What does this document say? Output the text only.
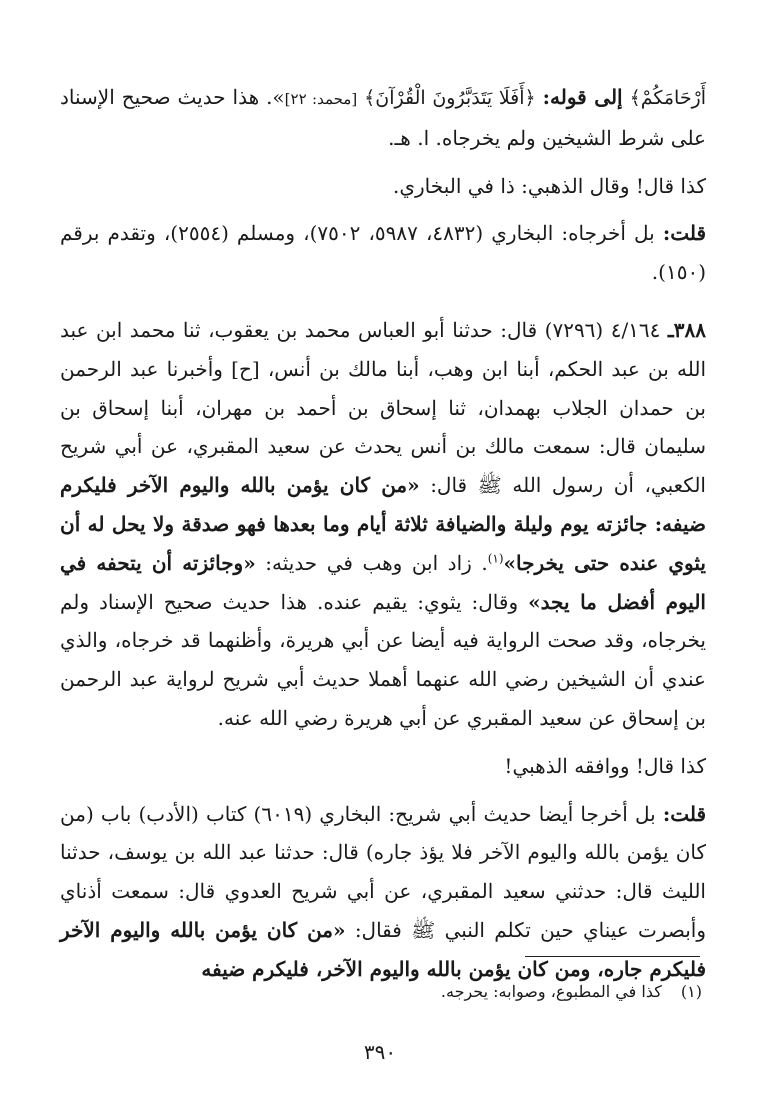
أَرْحَامَكُمْ﴾ إلى قوله: ﴿أَفَلَا يَتَدَبَّرُونَ الْقُرْآنَ﴾ [محمد: ٢٢]». هذا حديث صحيح الإسناد على شرط الشيخين ولم يخرجاه. ا. هـ.

كذا قال! وقال الذهبي: ذا في البخاري.

قلت: بل أخرجاه: البخاري (٤٨٣٢، ٥٩٨٧، ٧٥٠٢)، ومسلم (٢٥٥٤)، وتقدم برقم (١٥٠).

٣٨٨ـ ٤/١٦٤ (٧٢٩٦) قال: حدثنا أبو العباس محمد بن يعقوب، ثنا محمد ابن عبد الله بن عبد الحكم، أبنا ابن وهب، أبنا مالك بن أنس، [ح] وأخبرنا عبد الرحمن بن حمدان الجلاب بهمدان، ثنا إسحاق بن أحمد بن مهران، أبنا إسحاق بن سليمان قال: سمعت مالك بن أنس يحدث عن سعيد المقبري، عن أبي شريح الكعبي، أن رسول الله ﷺ قال: «من كان يؤمن بالله واليوم الآخر فليكرم ضيفه: جائزته يوم وليلة والضيافة ثلاثة أيام وما بعدها فهو صدقة ولا يحل له أن يثوي عنده حتى يخرجا»$^{(١)}$. زاد ابن وهب في حديثه: «وجائزته أن يتحفه في اليوم أفضل ما يجد» وقال: يثوي: يقيم عنده. هذا حديث صحيح الإسناد ولم يخرجاه، وقد صحت الرواية فيه أيضا عن أبي هريرة، وأظنهما قد خرجاه، والذي عندي أن الشيخين رضي الله عنهما أهملا حديث أبي شريح لرواية عبد الرحمن بن إسحاق عن سعيد المقبري عن أبي هريرة رضي الله عنه.

كذا قال! ووافقه الذهبي!

قلت: بل أخرجا أيضا حديث أبي شريح: البخاري (٦٠١٩) كتاب (الأدب) باب (من كان يؤمن بالله واليوم الآخر فلا يؤذ جاره) قال: حدثنا عبد الله بن يوسف، حدثنا الليث قال: حدثني سعيد المقبري، عن أبي شريح العدوي قال: سمعت أذناي وأبصرت عيناي حين تكلم النبي ﷺ فقال: «من كان يؤمن بالله واليوم الآخر فليكرم جاره، ومن كان يؤمن بالله واليوم الآخر، فليكرم ضيفه

(١) كذا في المطبوع، وصوابه: يحرجه.
٣٩٠
